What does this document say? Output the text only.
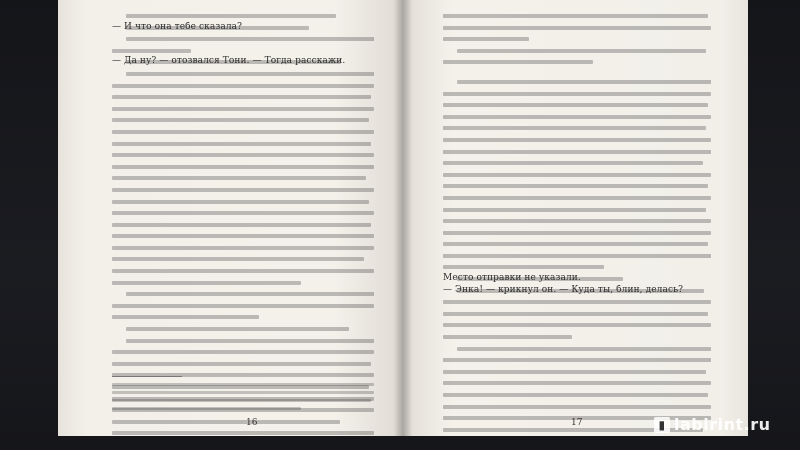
— И что она тебе сказала?
— Да ну? — отозвался Тони. — Тогда расскажи.
16
Место отправки не указали.
— Энка! — крикнул он. — Куда ты, блин, делась?
17	▮ labirint.ru
